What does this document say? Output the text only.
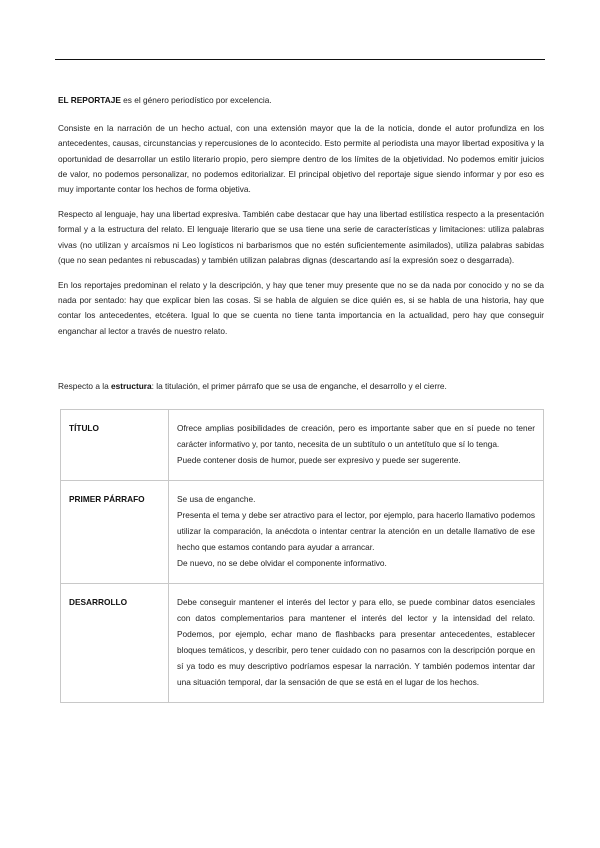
EL REPORTAJE es el género periodístico por excelencia.

Consiste en la narración de un hecho actual, con una extensión mayor que la de la noticia, donde el autor profundiza en los antecedentes, causas, circunstancias y repercusiones de lo acontecido. Esto permite al periodista una mayor libertad expositiva y la oportunidad de desarrollar un estilo literario propio, pero siempre dentro de los límites de la objetividad. No podemos emitir juicios de valor, no podemos personalizar, no podemos editorializar. El principal objetivo del reportaje sigue siendo informar y por eso es muy importante contar los hechos de forma objetiva.

Respecto al lenguaje, hay una libertad expresiva. También cabe destacar que hay una libertad estilística respecto a la presentación formal y a la estructura del relato. El lenguaje literario que se usa tiene una serie de características y limitaciones: utiliza palabras vivas (no utilizan y arcaísmos ni Leo logísticos ni barbarismos que no estén suficientemente asimilados), utiliza palabras sabidas (que no sean pedantes ni rebuscadas) y también utilizan palabras dignas (descartando así la expresión soez o desgarrada).

En los reportajes predominan el relato y la descripción, y hay que tener muy presente que no se da nada por conocido y no se da nada por sentado: hay que explicar bien las cosas. Si se habla de alguien se dice quién es, si se habla de una historia, hay que contar los antecedentes, etcétera. Igual lo que se cuenta no tiene tanta importancia en la actualidad, pero hay que conseguir enganchar al lector a través de nuestro relato.

Respecto a la estructura: la titulación, el primer párrafo que se usa de enganche, el desarrollo y el cierre.

TÍTULO	Ofrece amplias posibilidades de creación, pero es importante saber que en sí puede no tener carácter informativo y, por tanto, necesita de un subtítulo o un antetítulo que sí lo tenga.
Puede contener dosis de humor, puede ser expresivo y puede ser sugerente.

PRIMER PÁRRAFO	Se usa de enganche.
Presenta el tema y debe ser atractivo para el lector, por ejemplo, para hacerlo llamativo podemos utilizar la comparación, la anécdota o intentar centrar la atención en un detalle llamativo de ese hecho que estamos contando para ayudar a arrancar.
De nuevo, no se debe olvidar el componente informativo.

DESARROLLO	Debe conseguir mantener el interés del lector y para ello, se puede combinar datos esenciales con datos complementarios para mantener el interés del lector y la intensidad del relato. Podemos, por ejemplo, echar mano de flashbacks para presentar antecedentes, establecer bloques temáticos, y describir, pero tener cuidado con no pasarnos con la descripción porque en sí ya todo es muy descriptivo podríamos espesar la narración. Y también podemos intentar dar una situación temporal, dar la sensación de que se está en el lugar de los hechos.
